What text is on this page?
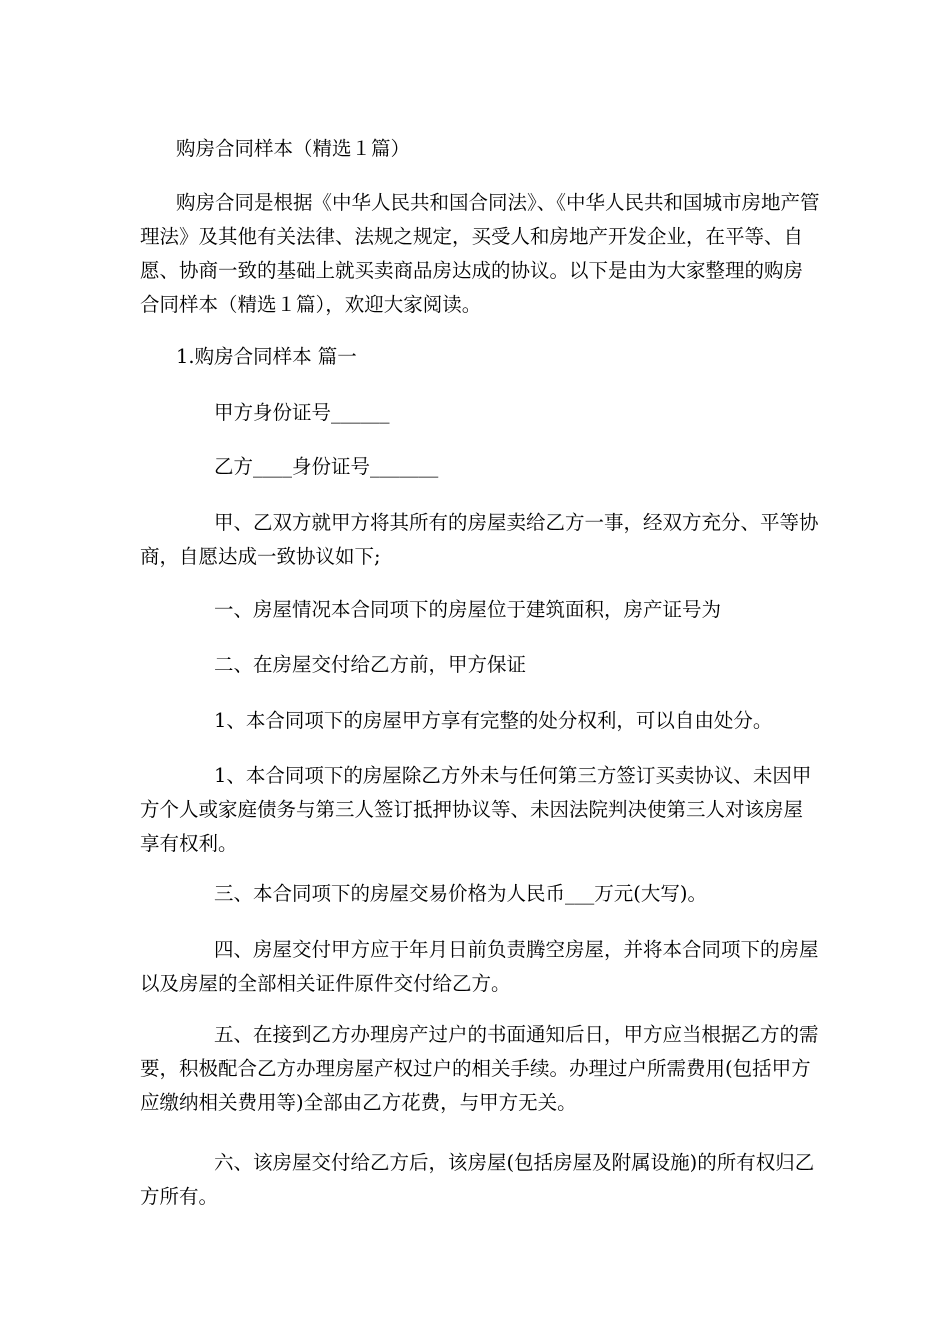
购房合同样本（精选１篇）

购房合同是根据《中华人民共和国合同法》、《中华人民共和国城市房地产管理法》及其他有关法律、法规之规定，买受人和房地产开发企业，在平等、自愿、协商一致的基础上就买卖商品房达成的协议。以下是由为大家整理的购房合同样本（精选１篇），欢迎大家阅读。

1.购房合同样本 篇一

甲方身份证号______

乙方____身份证号_______

甲、乙双方就甲方将其所有的房屋卖给乙方一事，经双方充分、平等协商，自愿达成一致协议如下;

一、房屋情况本合同项下的房屋位于建筑面积，房产证号为

二、在房屋交付给乙方前，甲方保证

1、本合同项下的房屋甲方享有完整的处分权利，可以自由处分。

1、本合同项下的房屋除乙方外未与任何第三方签订买卖协议、未因甲方个人或家庭债务与第三人签订抵押协议等、未因法院判决使第三人对该房屋享有权利。

三、本合同项下的房屋交易价格为人民币___万元(大写)。

四、房屋交付甲方应于年月日前负责腾空房屋，并将本合同项下的房屋以及房屋的全部相关证件原件交付给乙方。

五、在接到乙方办理房产过户的书面通知后日，甲方应当根据乙方的需要，积极配合乙方办理房屋产权过户的相关手续。办理过户所需费用(包括甲方应缴纳相关费用等)全部由乙方花费，与甲方无关。

六、该房屋交付给乙方后，该房屋(包括房屋及附属设施)的所有权归乙方所有。
